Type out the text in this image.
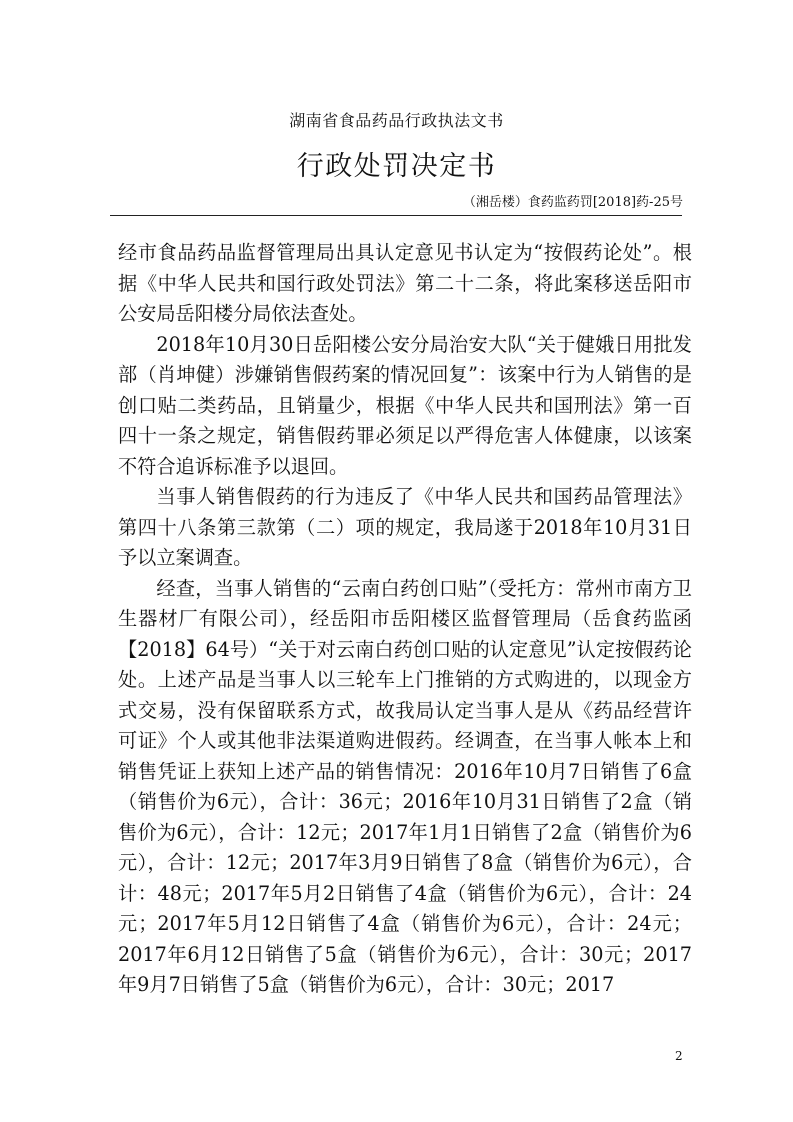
湖南省食品药品行政执法文书
行政处罚决定书
（湘岳楼）食药监药罚[2018]药-25号

经市食品药品监督管理局出具认定意见书认定为“按假药论处”。根据《中华人民共和国行政处罚法》第二十二条，将此案移送岳阳市公安局岳阳楼分局依法查处。

2018年10月30日岳阳楼公安分局治安大队“关于健娥日用批发部（肖坤健）涉嫌销售假药案的情况回复”：该案中行为人销售的是创口贴二类药品，且销量少，根据《中华人民共和国刑法》第一百四十一条之规定，销售假药罪必须足以严得危害人体健康，以该案不符合追诉标准予以退回。

当事人销售假药的行为违反了《中华人民共和国药品管理法》第四十八条第三款第（二）项的规定，我局遂于2018年10月31日予以立案调查。

经查，当事人销售的“云南白药创口贴”（受托方：常州市南方卫生器材厂有限公司），经岳阳市岳阳楼区监督管理局（岳食药监函【2018】64号）“关于对云南白药创口贴的认定意见”认定按假药论处。上述产品是当事人以三轮车上门推销的方式购进的，以现金方式交易，没有保留联系方式，故我局认定当事人是从《药品经营许可证》个人或其他非法渠道购进假药。经调查，在当事人帐本上和销售凭证上获知上述产品的销售情况：2016年10月7日销售了6盒（销售价为6元），合计：36元；2016年10月31日销售了2盒（销售价为6元），合计：12元；2017年1月1日销售了2盒（销售价为6元），合计：12元；2017年3月9日销售了8盒（销售价为6元），合计：48元；2017年5月2日销售了4盒（销售价为6元），合计：24元；2017年5月12日销售了4盒（销售价为6元），合计：24元；2017年6月12日销售了5盒（销售价为6元），合计：30元；2017年9月7日销售了5盒（销售价为6元），合计：30元；2017

2
